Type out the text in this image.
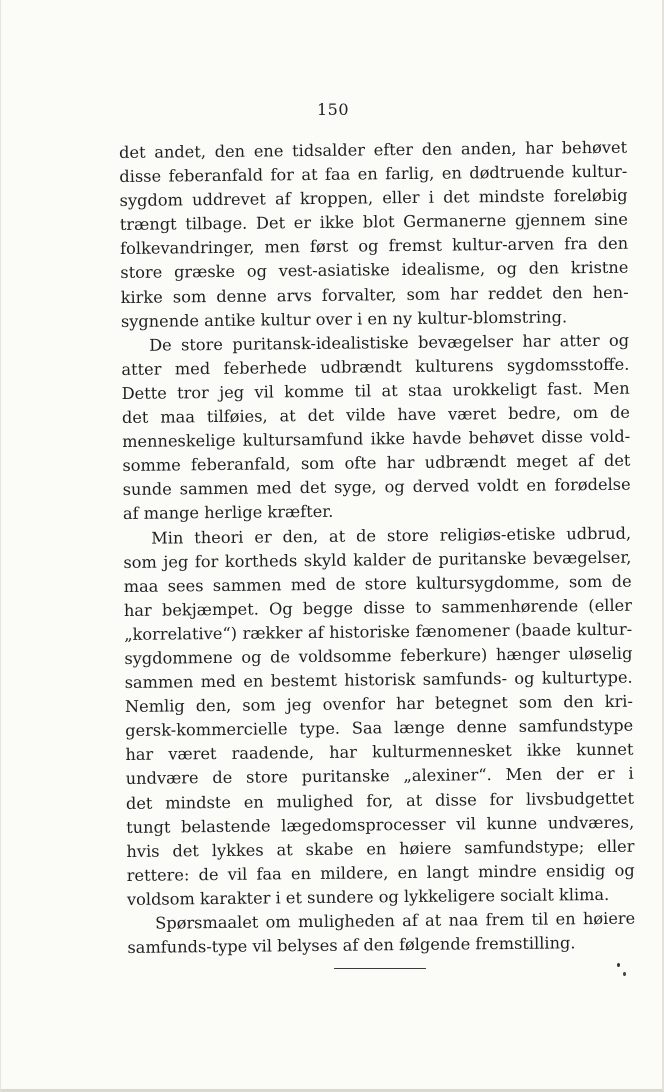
150

det andet, den ene tidsalder efter den anden, har behøvet
disse feberanfald for at faa en farlig, en dødtruende kultur-
sygdom uddrevet af kroppen, eller i det mindste foreløbig
trængt tilbage. Det er ikke blot Germanerne gjennem sine
folkevandringer, men først og fremst kultur-arven fra den
store græske og vest-asiatiske idealisme, og den kristne
kirke som denne arvs forvalter, som har reddet den hen-
sygnende antike kultur over i en ny kultur-blomstring.

De store puritansk-idealistiske bevægelser har atter og
atter med feberhede udbrændt kulturens sygdomsstoffe.
Dette tror jeg vil komme til at staa urokkeligt fast. Men
det maa tilføies, at det vilde have været bedre, om de
menneskelige kultursamfund ikke havde behøvet disse vold-
somme feberanfald, som ofte har udbrændt meget af det
sunde sammen med det syge, og derved voldt en forødelse
af mange herlige kræfter.

Min theori er den, at de store religiøs-etiske udbrud,
som jeg for kortheds skyld kalder de puritanske bevægelser,
maa sees sammen med de store kultursygdomme, som de
har bekjæmpet. Og begge disse to sammenhørende (eller
„korrelative“) rækker af historiske fænomener (baade kultur-
sygdommene og de voldsomme feberkure) hænger uløselig
sammen med en bestemt historisk samfunds- og kulturtype.
Nemlig den, som jeg ovenfor har betegnet som den kri-
gersk-kommercielle type. Saa længe denne samfundstype
har været raadende, har kulturmennesket ikke kunnet
undvære de store puritanske „alexiner“. Men der er i
det mindste en mulighed for, at disse for livsbudgettet
tungt belastende lægedomsprocesser vil kunne undværes,
hvis det lykkes at skabe en høiere samfundstype; eller
rettere: de vil faa en mildere, en langt mindre ensidig og
voldsom karakter i et sundere og lykkeligere socialt klima.

Spørsmaalet om muligheden af at naa frem til en høiere
samfunds-type vil belyses af den følgende fremstilling.
